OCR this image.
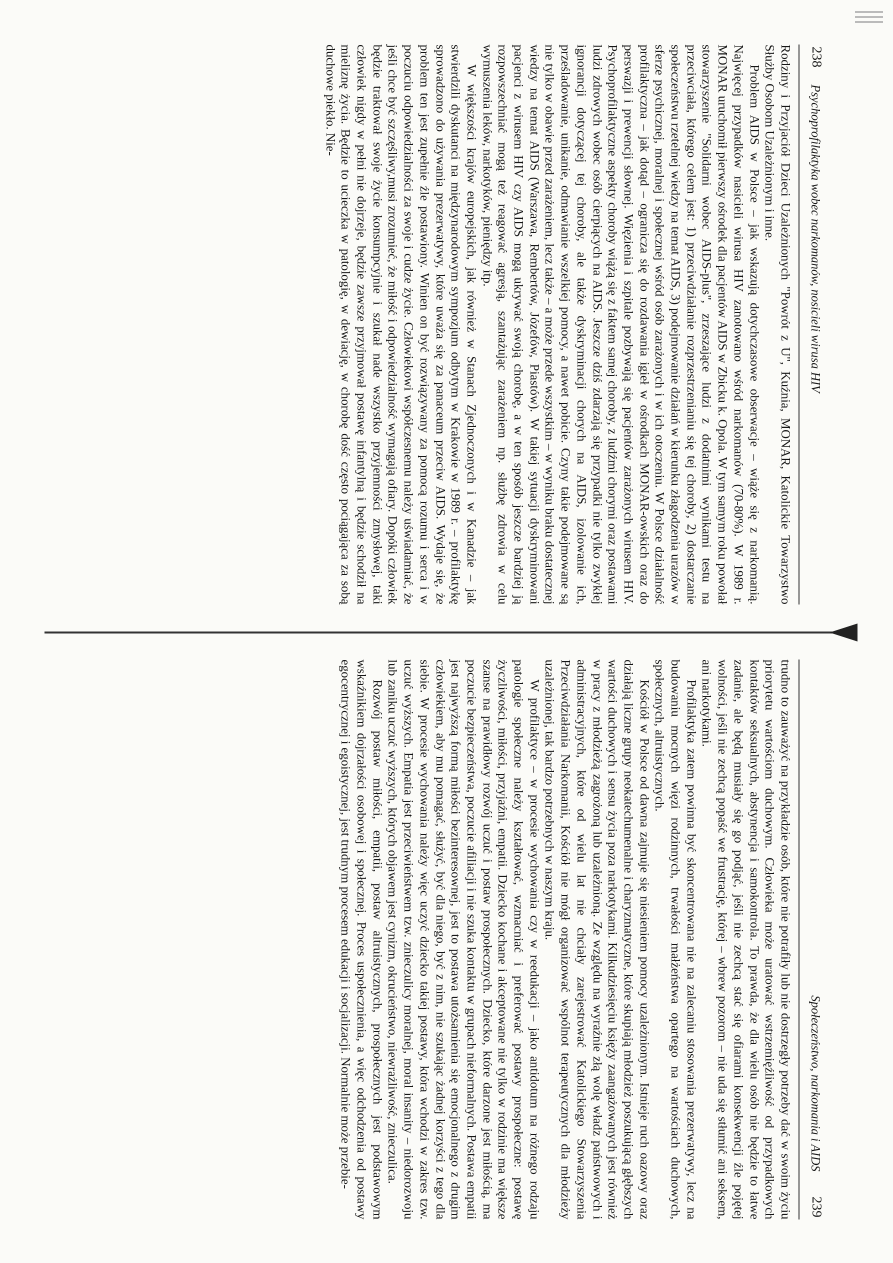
238
Psychoprofilaktyka wobec narkomanów, nosicieli wirusa HIV

Rodziny i Przyjaciół Dzieci Uzależnionych "Powrót z U", Kuźnia, MONAR, Katolickie Towarzystwo Służby Osobom Uzależnionym i inne.

Problem AIDS w Polsce – jak wskazują dotychczasowe obserwacje – wiąże się z narkomanią. Najwięcej przypadków nasicieli wirusa HIV zanotowano wśród narkomanów (70-80%). W 1989 r. MONAR uruchomił pierwszy ośrodek dla pacjentów AIDS w Zbicku k. Opola. W tym samym roku powołał stowarzyszenie "Solidarni wobec AIDS-plus", zrzeszające ludzi z dodatnimi wynikami testu na przeciwciała, którego celem jest: 1) przeciwdziałanie rozprzestrzenianiu się tej choroby, 2) dostarczanie społeczeństwu rzetelnej wiedzy na temat AIDS, 3) podejmowanie działań w kierunku złagodzenia urazów w sferze psychicznej, moralnej i społecznej wśród osób zarażonych i w ich otoczeniu. W Polsce działalność profilaktyczna – jak dotąd – ogranicza się do rozdawania igieł w ośrodkach MONAR-owskich oraz do perswazji i prewencji słownej. Więzienia i szpitale pozbywają się pacjentów zarażonych wirusem HIV. Psychoprofilaktyczne aspekty choroby wiążą się z faktem samej choroby, z ludźmi chorymi oraz postawami ludzi zdrowych wobec osób cierpiących na AIDS. Jeszcze dziś zdarzają się przypadki nie tylko zwykłej ignorancji dotyczącej tej choroby, ale także dyskryminacji chorych na AIDS, izolowanie ich, prześladowanie, unikanie, odmawianie wszelkiej pomocy, a nawet pobicie. Czyny takie podejmowane są nie tylko w obawie przed zarażeniem, lecz także – a może przede wszystkim – w wyniku braku dostatecznej wiedzy na temat AIDS (Warszawa, Rembertów, Józefów, Piastów). W takiej sytuacji dyskryminowani pacjenci z wirusem HIV czy AIDS mogą ukrywać swoją chorobę, a w ten sposób jeszcze bardziej ją rozpowszechniać mogą też reagować agresją, szantażując zarażeniem np. służbę zdrowia w celu wymuszenia leków, narkotyków, pieniędzy itp.

W większości krajów europejskich, jak również w Stanach Zjednoczonych i w Kanadzie – jak stwierdzili dyskutanci na międzynarodowym sympozjum odbytym w Krakowie w 1989 r. – profilaktykę sprowadzono do używania prezerwatywy, które uważa się za panaceum przeciw AIDS. Wydaje się, że problem ten jest zupełnie źle postawiony. Winien on być rozwiązywany za pomocą rozumu i serca i w poczuciu odpowiedzialności za swoje i cudze życie. Człowiekowi współczesnemu należy uświadamiać, że jeśli chce być szczęśliwy,musi zrozumieć, że miłość i odpowiedzialność wymagają ofiary. Dopóki człowiek będzie traktował swoje życie konsumpcyjnie i szukał nade wszystko przyjemności zmysłowej, taki człowiek nigdy w pełni nie dojrzeje, będzie zawsze przyjmował postawę infantylną i będzie schodził na mieliznę życia. Będzie to ucieczka w patologię, w dewiację, w chorobę dość często pociągająca za sobą duchowe piekło. Nie-

Społeczeństwo, narkomania i AIDS
239

trudno to zauważyć na przykładzie osób, które nie potrafiły lub nie dostrzegły potrzeby dać w swoim życiu priorytetu wartościom duchowym. Człowieka może uratować wstrzemięźliwość od przypadkowych kontaktów seksualnych, abstynencja i samokontrola. To prawda, że dla wielu osób nie będzie to łatwe zadanie, ale będą musiały się go podjąć, jeśli nie zechcą stać się ofiarami konsekwencji źle pojętej wolności, jeśli nie zechcą popaść we frustrację, której – wbrew pozorom – nie uda się stłumić ani seksem, ani narkotykami.

Profilaktyka zatem powinna być skoncentrowana nie na zalecaniu stosowania prezerwatywy, lecz na budowaniu mocnych więzi rodzinnych, trwałości małżeństwa opartego na wartościach duchowych, społecznych, altruistycznych.

Kościół w Polsce od dawna zajmuje się niesieniem pomocy uzależnionym. Istnieje ruch oazowy oraz działają liczne grupy neokatechumenalne i charyzmatyczne, które skupiają młodzież poszukującą głębszych wartości duchowych i sensu życia poza narkotykami. Kilkudziesięciu księży zaangażowanych jest również w pracy z młodzieżą zagrożoną lub uzależnioną. Ze względu na wyraźnie złą wolę władz państwowych i administracyjnych, które od wielu lat nie chciały zarejestrować Katolickiego Stowarzyszenia Przeciwdziałania Narkomanii, Kościół nie mógł organizować wspólnot terapeutycznych dla młodzieży uzależnionej, tak bardzo potrzebnych w naszym kraju.

W profilaktyce – w procesie wychowania czy w reedukacji – jako antidotum na różnego rodzaju patologie społeczne należy kształtować, wzmacniać i preferować postawy prospołeczne: postawę życzliwości, miłości, przyjaźni, empatii. Dziecko kochane i akceptowane nie tylko w rodzinie ma większe szanse na prawidłowy rozwój uczuć i postaw prospołecznych. Dziecko, które darzone jest miłością, ma poczucie bezpieczeństwa, poczucie afiliacji i nie szuka kontaktu w grupach nieformalnych. Postawa empatii jest najwyższą formą miłości bezinteresownej, jest to postawa utożsamienia się emocjonalnego z drugim człowiekiem, aby mu pomagać, służyć, być dla niego, być z nim, nie szukając żadnej korzyści z tego dla siebie. W procesie wychowania należy więc uczyć dziecko takiej postawy, która wchodzi w zakres tzw. uczuć wyższych. Empatia jest przeciwieństwem tzw. znieczulicy moralnej, moral insanity – niedorozwoju lub zaniku uczuć wyższych, których objawem jest cynizm, okrucieństwo, niewrażliwość, znieczulica.

Rozwój postaw miłości, empatii, postaw altruistycznych, prospołecznych jest podstawowym wskaźnikiem dojrzałości osobowej i społecznej. Proces uspołecznienia, a więc odchodzenia od postawy egocentrycznej i egoistycznej, jest trudnym procesem edukacji i socjalizacji. Normalnie może przebie-
